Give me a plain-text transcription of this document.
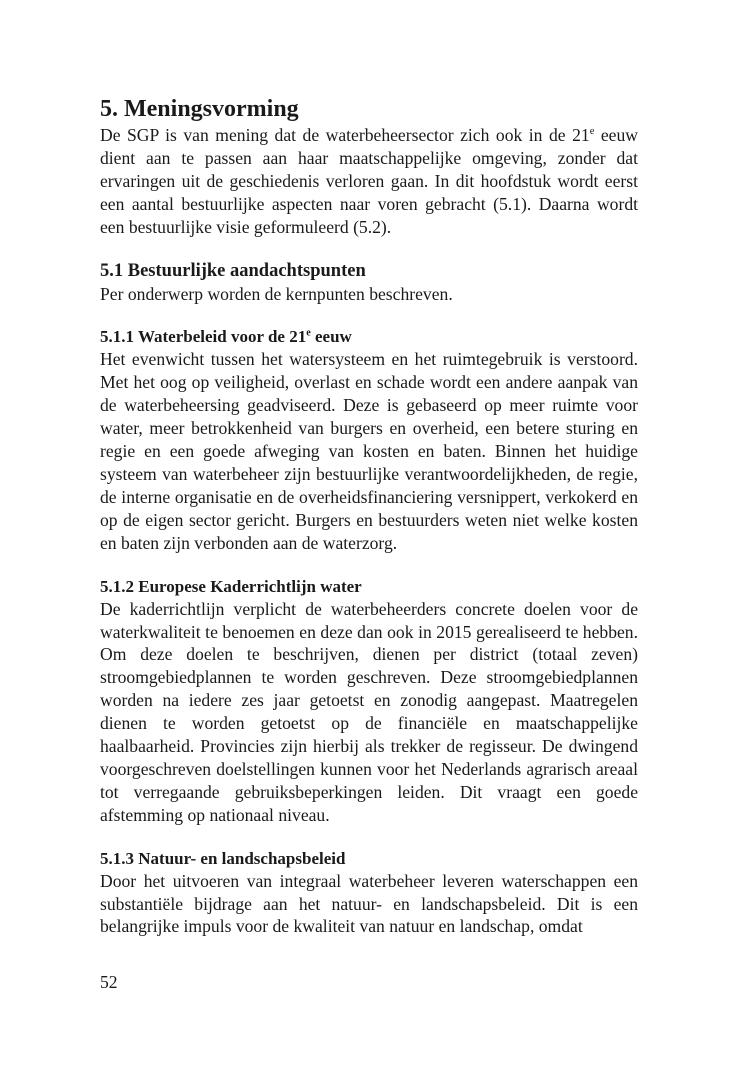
5. Meningsvorming

De SGP is van mening dat de waterbeheersector zich ook in de 21e eeuw dient aan te passen aan haar maatschappelijke omgeving, zonder dat ervaringen uit de geschiedenis verloren gaan. In dit hoofdstuk wordt eerst een aantal bestuurlijke aspecten naar voren gebracht (5.1). Daarna wordt een bestuurlijke visie geformuleerd (5.2).

5.1 Bestuurlijke aandachtspunten

Per onderwerp worden de kernpunten beschreven.

5.1.1 Waterbeleid voor de 21e eeuw

Het evenwicht tussen het watersysteem en het ruimtegebruik is verstoord. Met het oog op veiligheid, overlast en schade wordt een andere aanpak van de waterbeheersing geadviseerd. Deze is gebaseerd op meer ruimte voor water, meer betrokkenheid van burgers en overheid, een betere sturing en regie en een goede afweging van kosten en baten. Binnen het huidige systeem van waterbeheer zijn bestuurlijke verantwoordelijkheden, de regie, de interne organisatie en de overheidsfinanciering versnippert, verkokerd en op de eigen sector gericht. Burgers en bestuurders weten niet welke kosten en baten zijn verbonden aan de waterzorg.

5.1.2 Europese Kaderrichtlijn water

De kaderrichtlijn verplicht de waterbeheerders concrete doelen voor de waterkwaliteit te benoemen en deze dan ook in 2015 gerealiseerd te hebben. Om deze doelen te beschrijven, dienen per district (totaal zeven) stroomgebiedplannen te worden geschreven. Deze stroomgebiedplannen worden na iedere zes jaar getoetst en zonodig aangepast. Maatregelen dienen te worden getoetst op de financiële en maatschappelijke haalbaarheid. Provincies zijn hierbij als trekker de regisseur. De dwingend voorgeschreven doelstellingen kunnen voor het Nederlands agrarisch areaal tot verregaande gebruiksbeperkingen leiden. Dit vraagt een goede afstemming op nationaal niveau.

5.1.3 Natuur- en landschapsbeleid

Door het uitvoeren van integraal waterbeheer leveren waterschappen een substantiële bijdrage aan het natuur- en landschapsbeleid. Dit is een belangrijke impuls voor de kwaliteit van natuur en landschap, omdat

52
